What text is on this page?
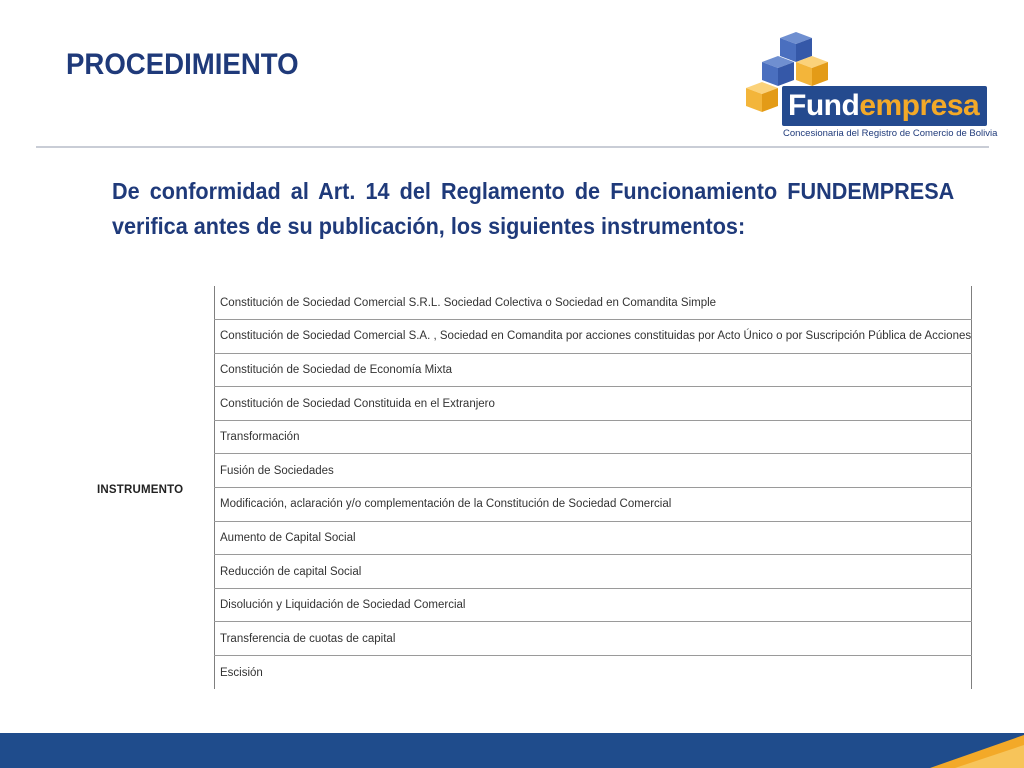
PROCEDIMIENTO
Fundempresa
Concesionaria del Registro de Comercio de Bolivia

De conformidad al Art. 14 del Reglamento de Funcionamiento FUNDEMPRESA verifica antes de su publicación, los siguientes instrumentos:

INSTRUMENTO
Constitución de Sociedad Comercial S.R.L. Sociedad Colectiva o Sociedad en Comandita Simple
Constitución de Sociedad Comercial S.A. , Sociedad en Comandita por acciones constituidas por Acto Único o por Suscripción Pública de Acciones
Constitución de Sociedad de Economía Mixta
Constitución de Sociedad Constituida en el Extranjero
Transformación
Fusión de Sociedades
Modificación, aclaración y/o complementación de la Constitución de Sociedad Comercial
Aumento de Capital Social
Reducción de capital Social
Disolución y Liquidación de Sociedad Comercial
Transferencia de cuotas de capital
Escisión
